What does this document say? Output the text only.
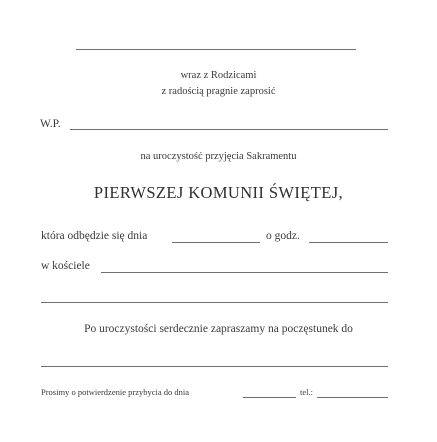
wraz z Rodzicami
z radością pragnie zaprosić
W.P.
na uroczystość przyjęcia Sakramentu
PIERWSZEJ KOMUNII ŚWIĘTEJ,
która odbędzie się dnia	o godz.
w kościele
Po uroczystości serdecznie zapraszamy na poczęstunek do
Prosimy o potwierdzenie przybycia do dnia	tel.:
